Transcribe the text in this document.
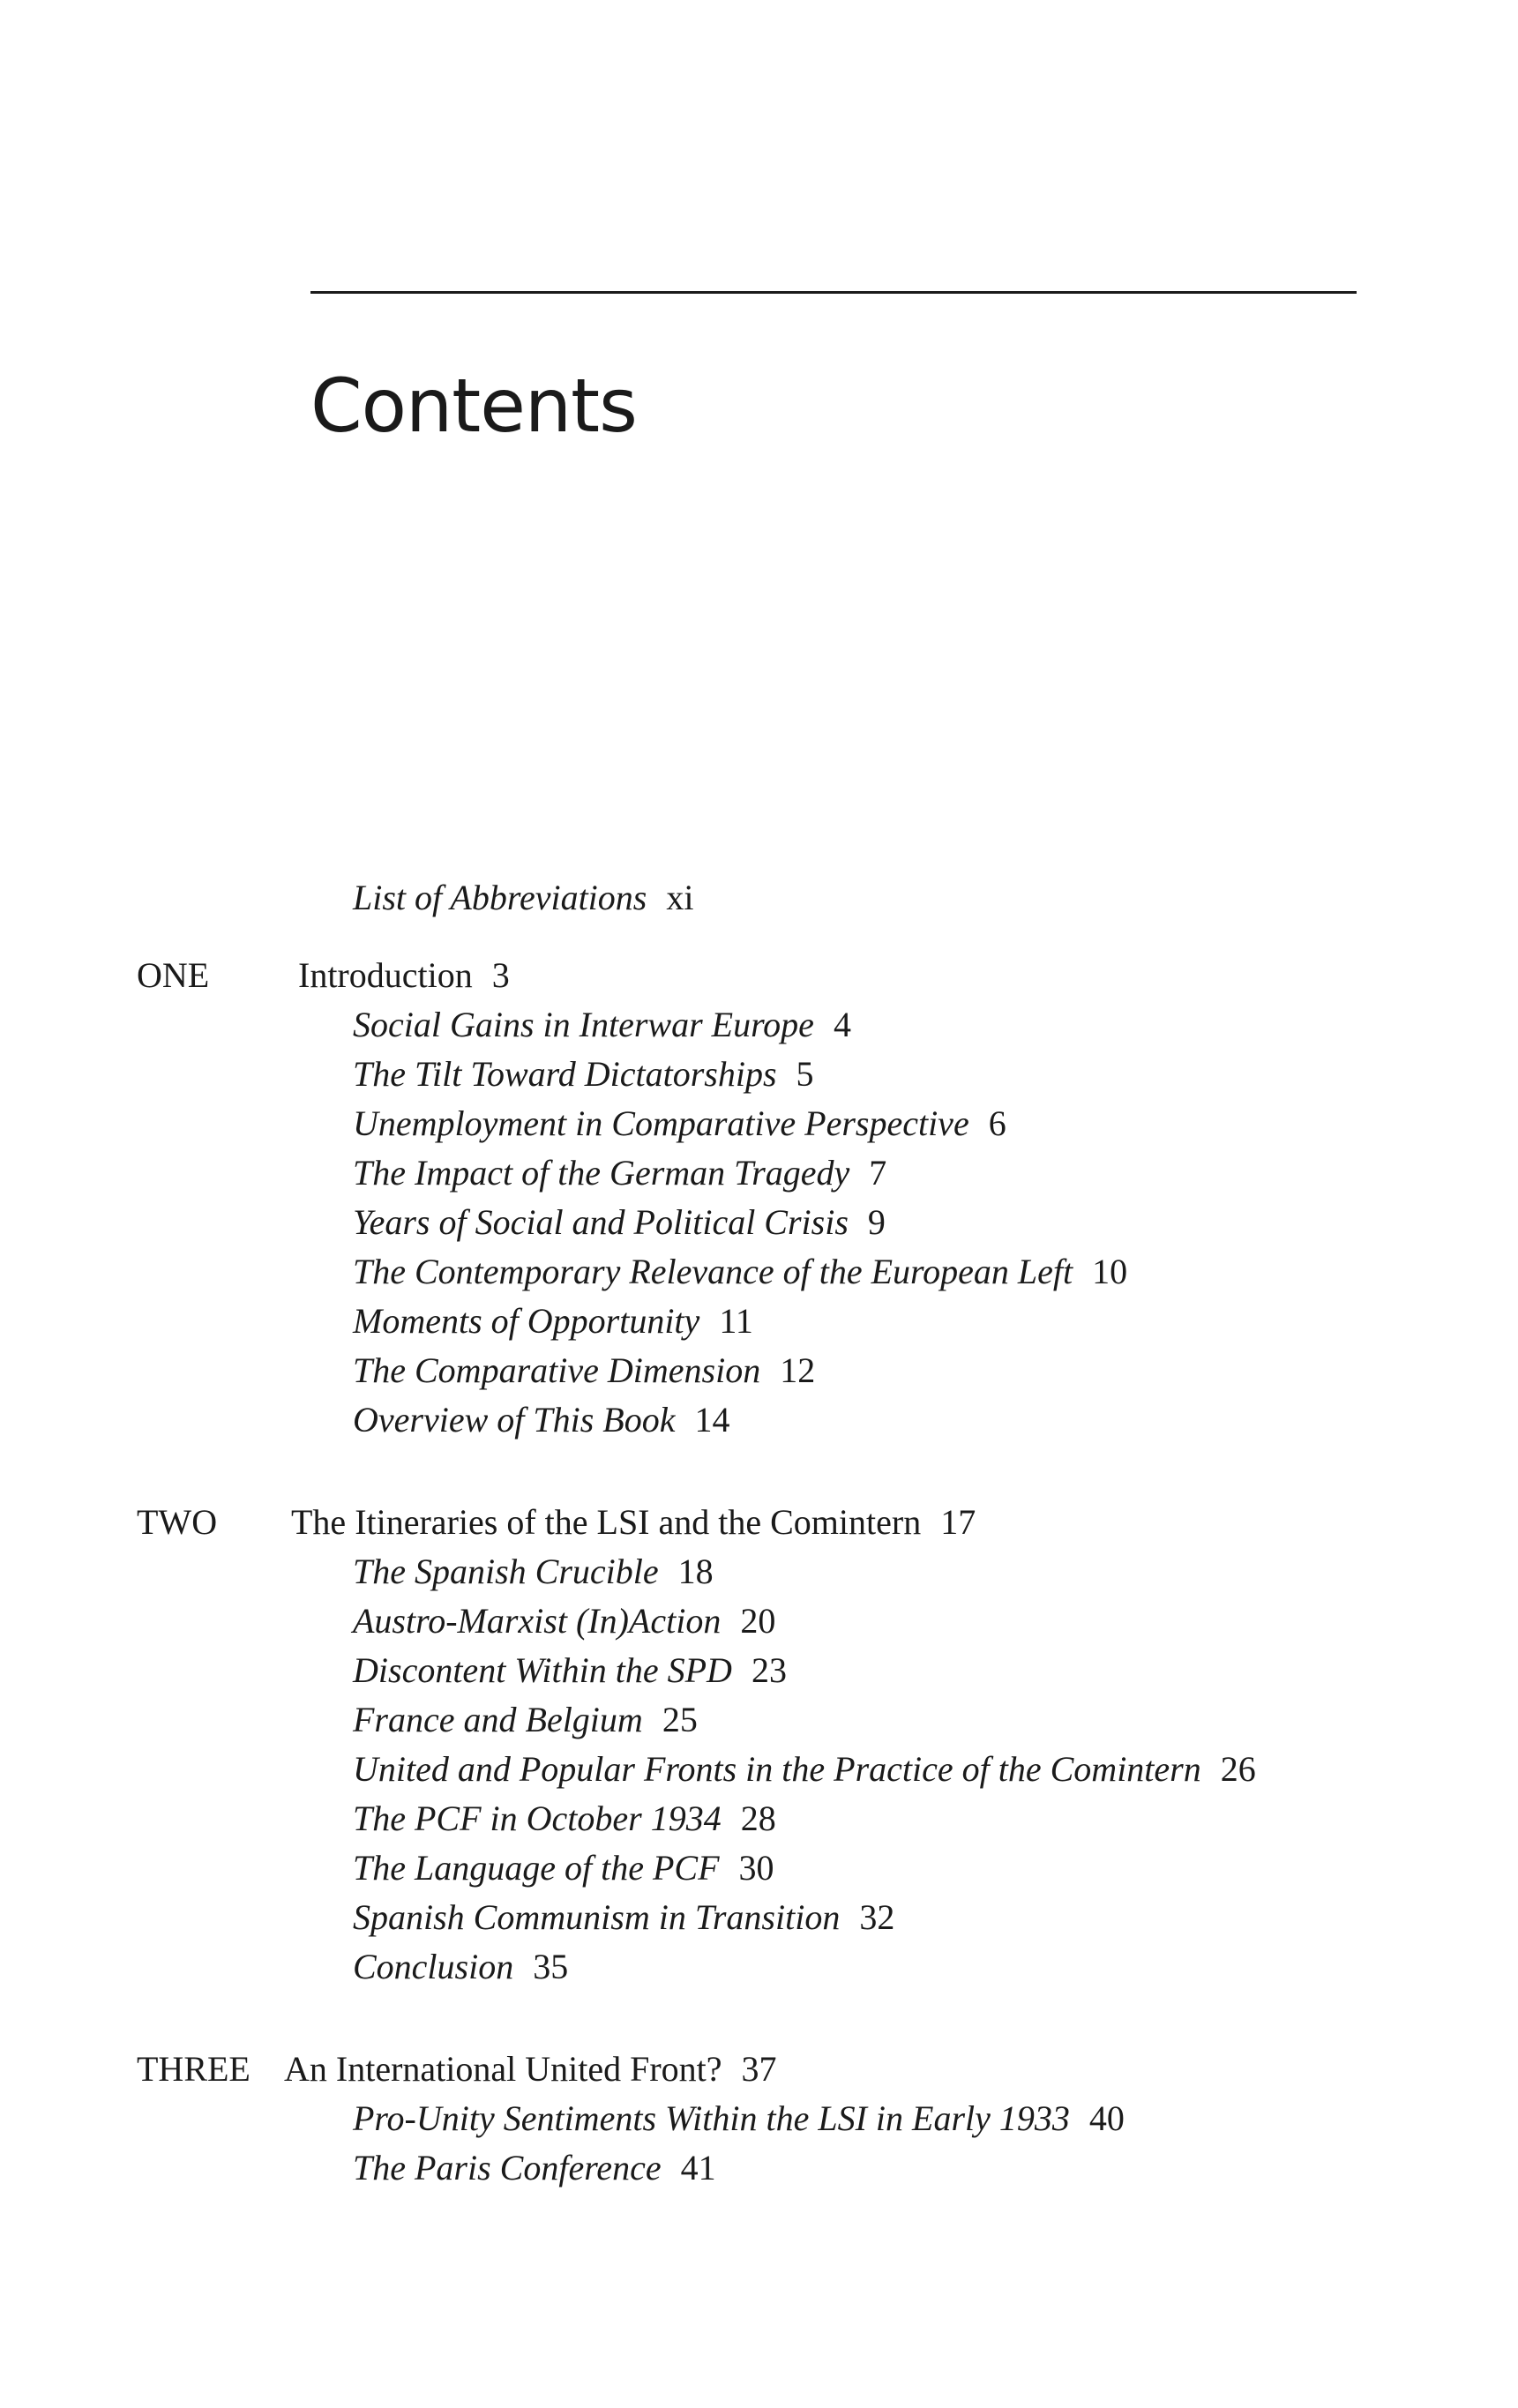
Contents
List of Abbreviations xi
ONE	Introduction 3
Social Gains in Interwar Europe 4
The Tilt Toward Dictatorships 5
Unemployment in Comparative Perspective 6
The Impact of the German Tragedy 7
Years of Social and Political Crisis 9
The Contemporary Relevance of the European Left 10
Moments of Opportunity 11
The Comparative Dimension 12
Overview of This Book 14
TWO The Itineraries of the LSI and the Comintern 17
The Spanish Crucible 18
Austro-Marxist (In)Action 20
Discontent Within the SPD 23
France and Belgium 25
United and Popular Fronts in the Practice of the Comintern 26
The PCF in October 1934 28
The Language of the PCF 30
Spanish Communism in Transition 32
Conclusion 35
THREE An International United Front? 37
Pro-Unity Sentiments Within the LSI in Early 1933 40
The Paris Conference 41
